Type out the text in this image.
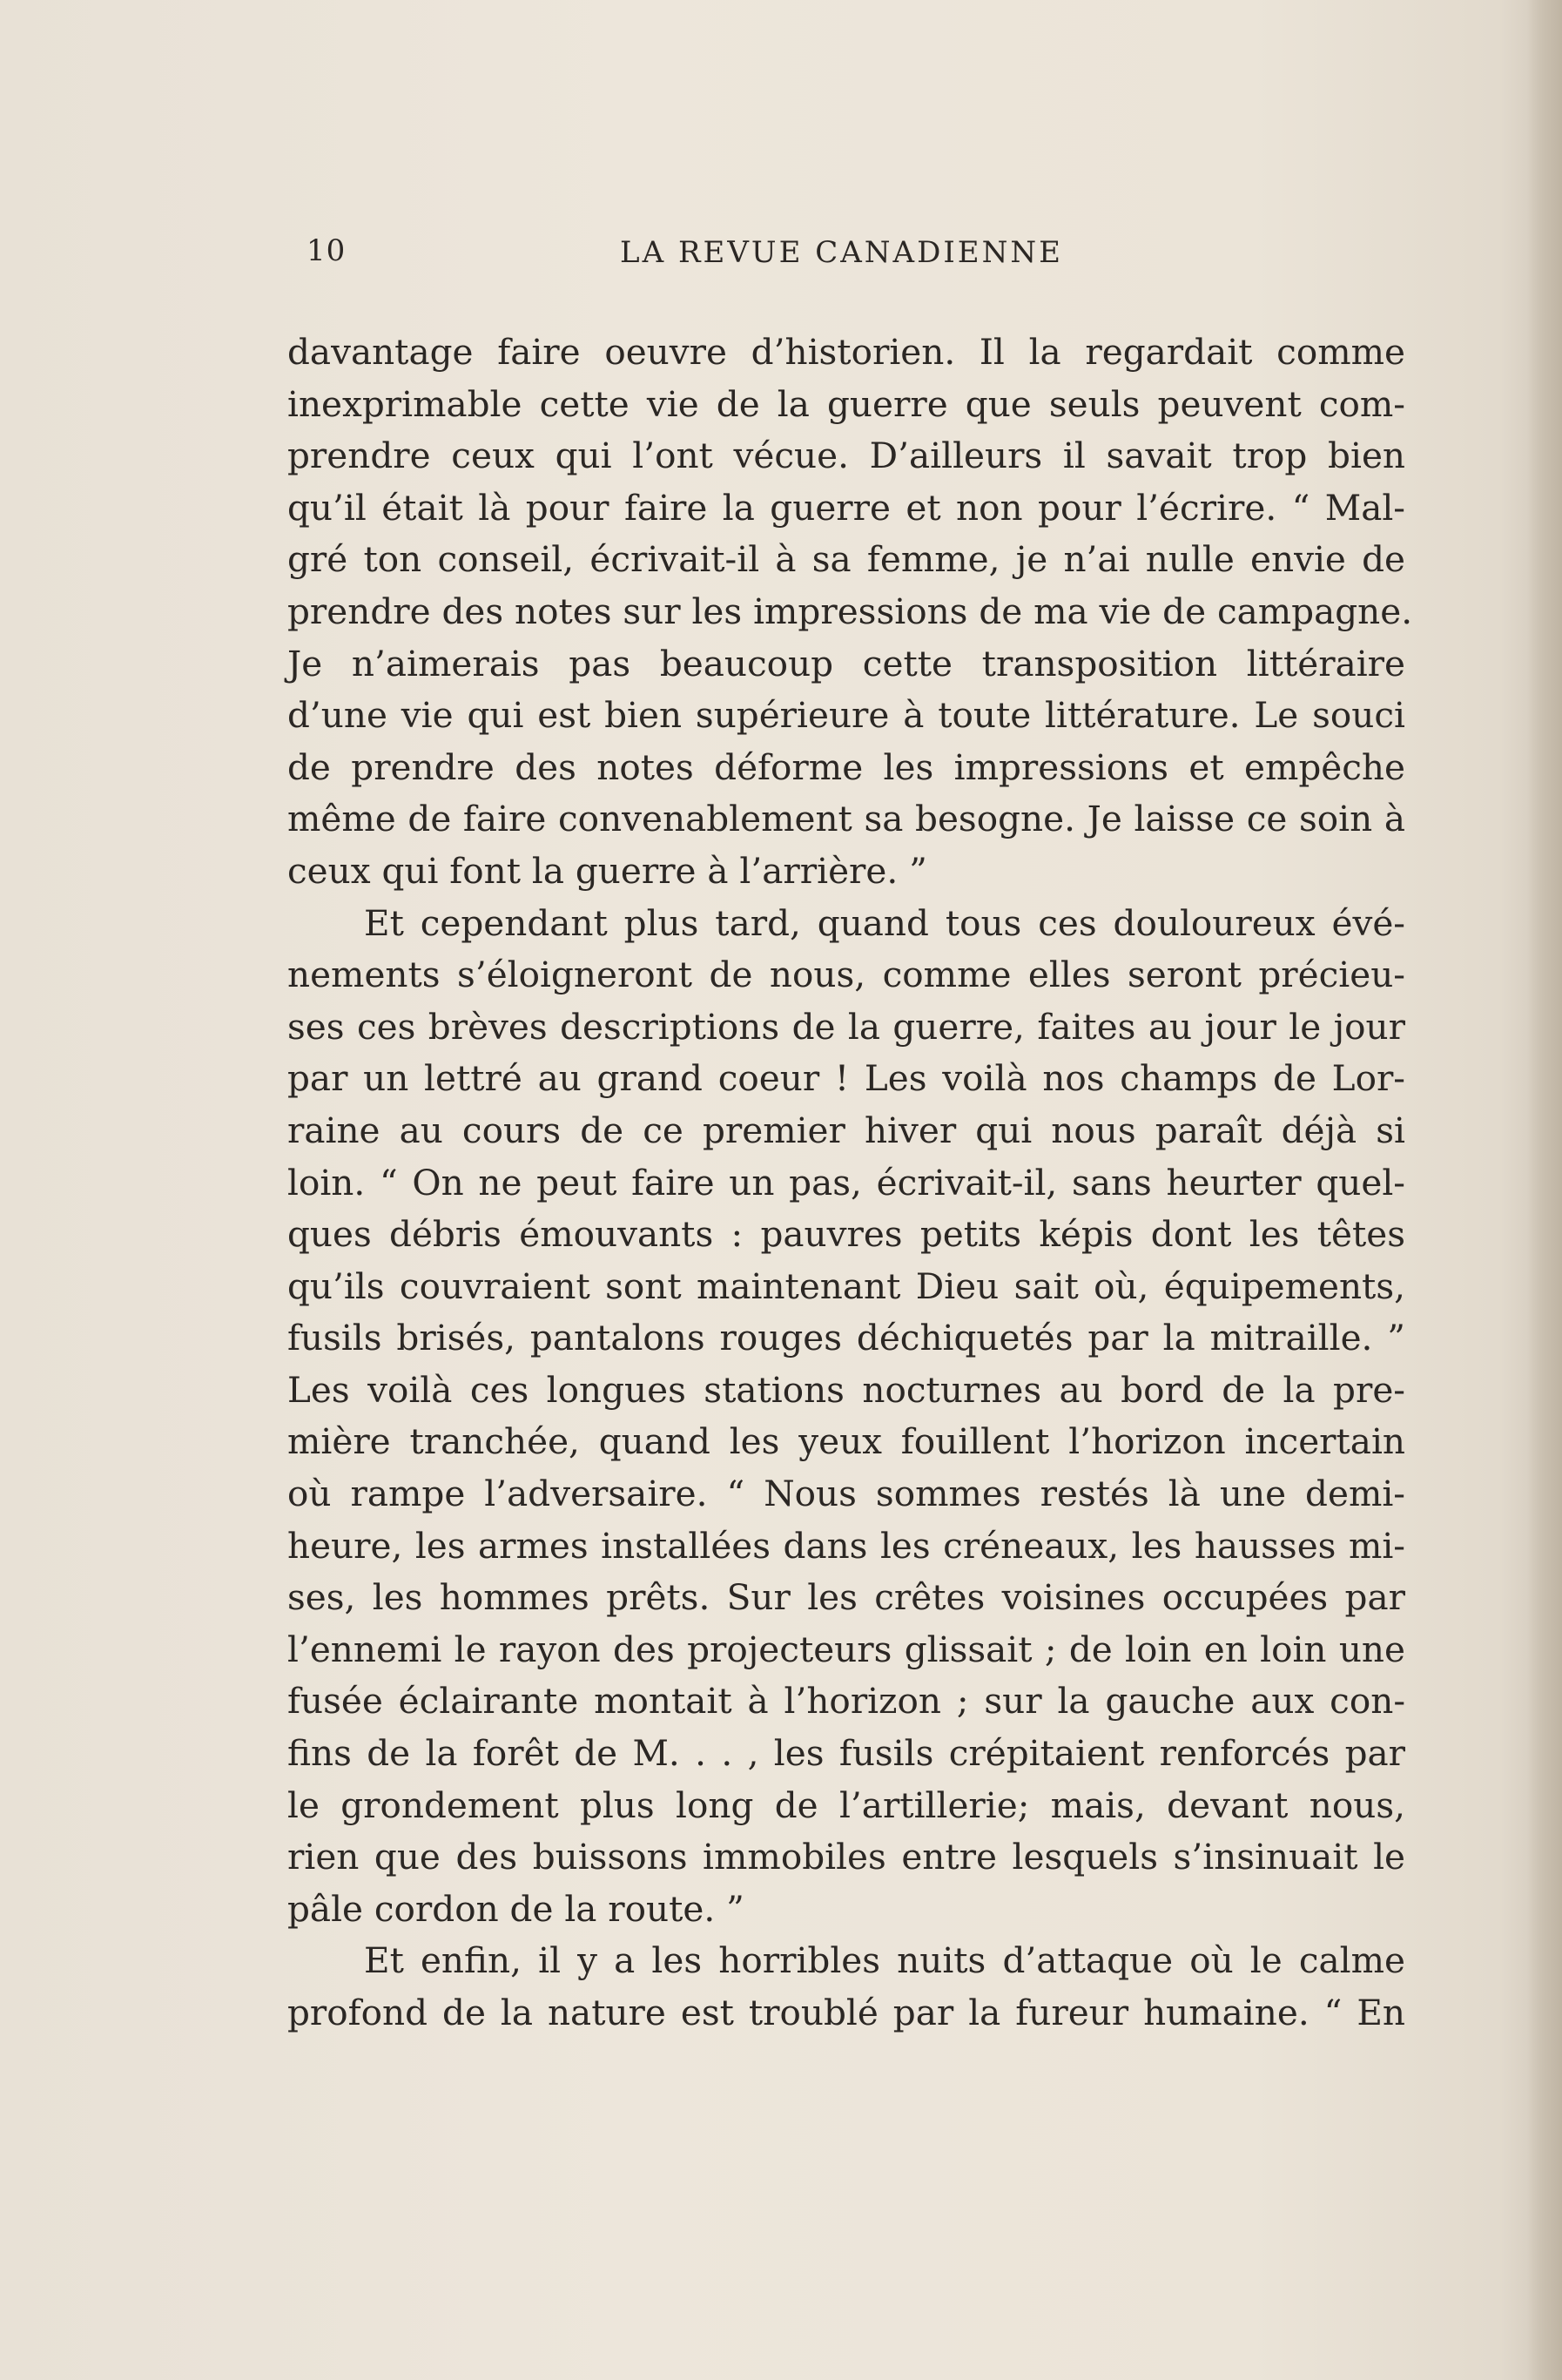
10	LA REVUE CANADIENNE
davantage faire oeuvre d’historien. Il la regardait comme
inexprimable cette vie de la guerre que seuls peuvent com-
prendre ceux qui l’ont vécue. D’ailleurs il savait trop bien
qu’il était là pour faire la guerre et non pour l’écrire. “ Mal-
gré ton conseil, écrivait-il à sa femme, je n’ai nulle envie de
prendre des notes sur les impressions de ma vie de campagne.
Je n’aimerais pas beaucoup cette transposition littéraire
d’une vie qui est bien supérieure à toute littérature. Le souci
de prendre des notes déforme les impressions et empêche
même de faire convenablement sa besogne. Je laisse ce soin à
ceux qui font la guerre à l’arrière. ”
Et cependant plus tard, quand tous ces douloureux évé-
nements s’éloigneront de nous, comme elles seront précieu-
ses ces brèves descriptions de la guerre, faites au jour le jour
par un lettré au grand coeur ! Les voilà nos champs de Lor-
raine au cours de ce premier hiver qui nous paraît déjà si
loin. “ On ne peut faire un pas, écrivait-il, sans heurter quel-
ques débris émouvants : pauvres petits képis dont les têtes
qu’ils couvraient sont maintenant Dieu sait où, équipements,
fusils brisés, pantalons rouges déchiquetés par la mitraille. ”
Les voilà ces longues stations nocturnes au bord de la pre-
mière tranchée, quand les yeux fouillent l’horizon incertain
où rampe l’adversaire. “ Nous sommes restés là une demi-
heure, les armes installées dans les créneaux, les hausses mi-
ses, les hommes prêts. Sur les crêtes voisines occupées par
l’ennemi le rayon des projecteurs glissait ; de loin en loin une
fusée éclairante montait à l’horizon ; sur la gauche aux con-
fins de la forêt de M. . . , les fusils crépitaient renforcés par
le grondement plus long de l’artillerie; mais, devant nous,
rien que des buissons immobiles entre lesquels s’insinuait le
pâle cordon de la route. ”
Et enfin, il y a les horribles nuits d’attaque où le calme
profond de la nature est troublé par la fureur humaine. “ En
